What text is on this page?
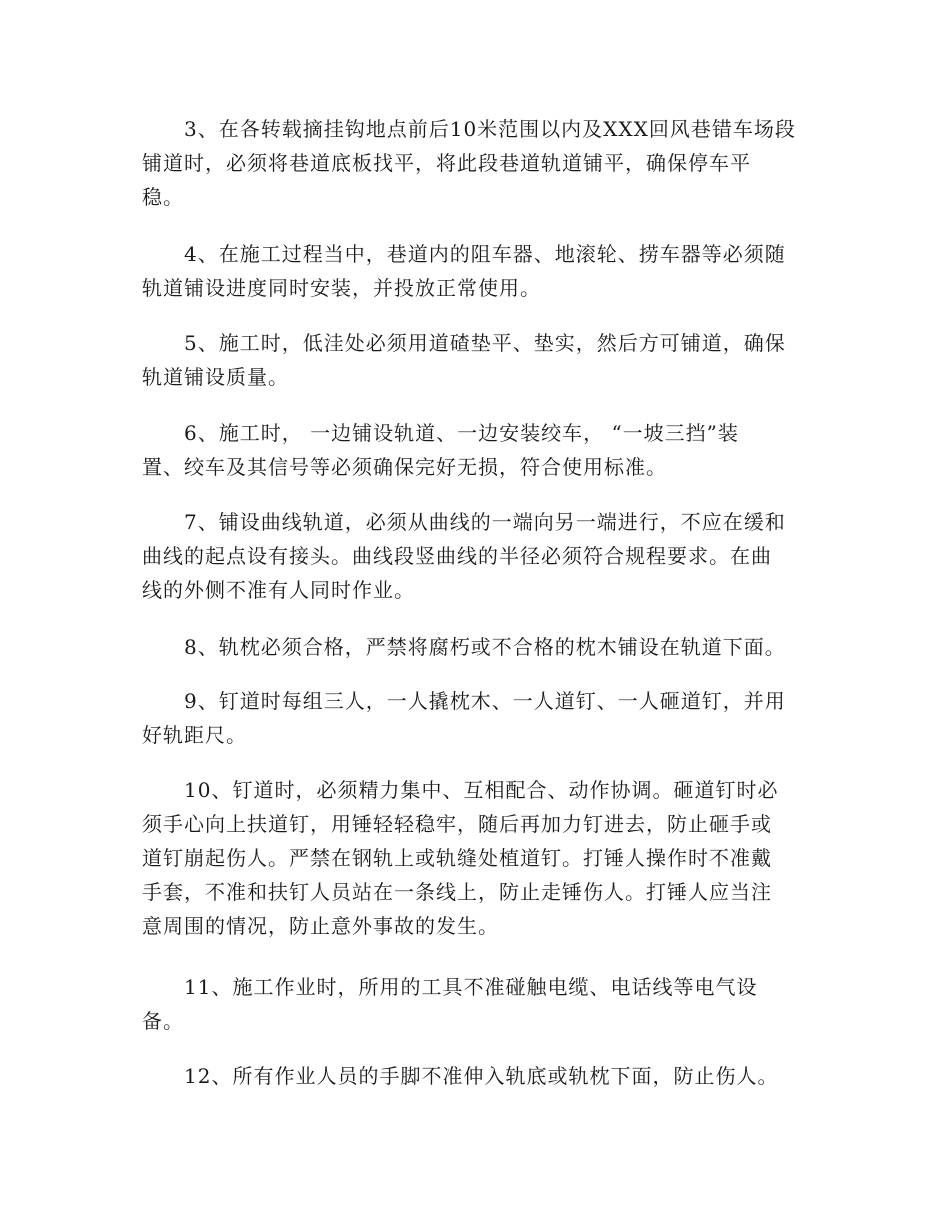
3、在各转载摘挂钩地点前后10米范围以内及XXX回风巷错车场段
铺道时，必须将巷道底板找平，将此段巷道轨道铺平，确保停车平
稳。

4、在施工过程当中，巷道内的阻车器、地滚轮、捞车器等必须随
轨道铺设进度同时安装，并投放正常使用。

5、施工时，低洼处必须用道碴垫平、垫实，然后方可铺道，确保
轨道铺设质量。

6、施工时， 一边铺设轨道、一边安装绞车， “一坡三挡”装
置、绞车及其信号等必须确保完好无损，符合使用标准。

7、铺设曲线轨道，必须从曲线的一端向另一端进行，不应在缓和
曲线的起点设有接头。曲线段竖曲线的半径必须符合规程要求。在曲
线的外侧不准有人同时作业。

8、轨枕必须合格，严禁将腐朽或不合格的枕木铺设在轨道下面。

9、钉道时每组三人，一人撬枕木、一人道钉、一人砸道钉，并用
好轨距尺。

10、钉道时，必须精力集中、互相配合、动作协调。砸道钉时必
须手心向上扶道钉，用锤轻轻稳牢，随后再加力钉进去，防止砸手或
道钉崩起伤人。严禁在钢轨上或轨缝处植道钉。打锤人操作时不准戴
手套，不准和扶钉人员站在一条线上，防止走锤伤人。打锤人应当注
意周围的情况，防止意外事故的发生。

11、施工作业时，所用的工具不准碰触电缆、电话线等电气设
备。

12、所有作业人员的手脚不准伸入轨底或轨枕下面，防止伤人。
